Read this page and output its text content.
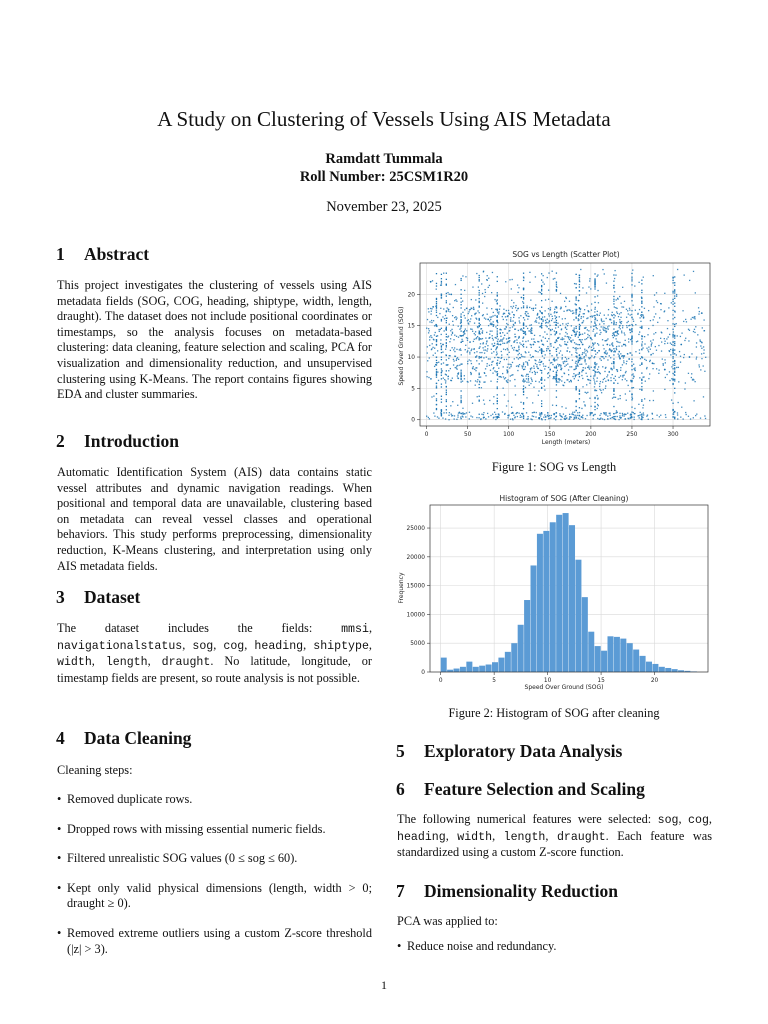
A Study on Clustering of Vessels Using AIS Metadata
Ramdatt Tummala
Roll Number: 25CSM1R20
November 23, 2025
1 Abstract
This project investigates the clustering of vessels using AIS metadata fields (SOG, COG, heading, shiptype, width, length, draught). The dataset does not include positional coordinates or timestamps, so the analysis focuses on metadata-based clustering: data cleaning, feature selection and scaling, PCA for visualization and dimensionality reduction, and unsupervised clustering using K-Means. The report contains figures showing EDA and cluster summaries.
2 Introduction
Automatic Identification System (AIS) data contains static vessel attributes and dynamic navigation readings. When positional and temporal data are unavailable, clustering based on metadata can reveal vessel classes and operational behaviors. This study performs preprocessing, dimensionality reduction, K-Means clustering, and interpretation using only AIS metadata fields.
3 Dataset
The dataset includes the fields: mmsi, navigationalstatus, sog, cog, heading, shiptype, width, length, draught. No latitude, longitude, or timestamp fields are present, so route analysis is not possible.
4 Data Cleaning
Cleaning steps:
• Removed duplicate rows.
• Dropped rows with missing essential numeric fields.
• Filtered unrealistic SOG values (0 ≤ sog ≤ 60).
• Kept only valid physical dimensions (length, width > 0; draught ≥ 0).
• Removed extreme outliers using a custom Z-score threshold (|z| > 3).
SOG vs Length (Scatter Plot)
0	50	100	150	200	250	300
0
5
10
15
20
Length (meters)
Speed Over Ground (SOG)
Figure 1: SOG vs Length
Histogram of SOG (After Cleaning)
0	5	10	15	20
0
5000
10000
15000
20000
25000
Speed Over Ground (SOG)
Frequency
Figure 2: Histogram of SOG after cleaning
5 Exploratory Data Analysis
6 Feature Selection and Scaling
The following numerical features were selected: sog, cog, heading, width, length, draught. Each feature was standardized using a custom Z-score function.
7 Dimensionality Reduction
PCA was applied to:
• Reduce noise and redundancy.
1
